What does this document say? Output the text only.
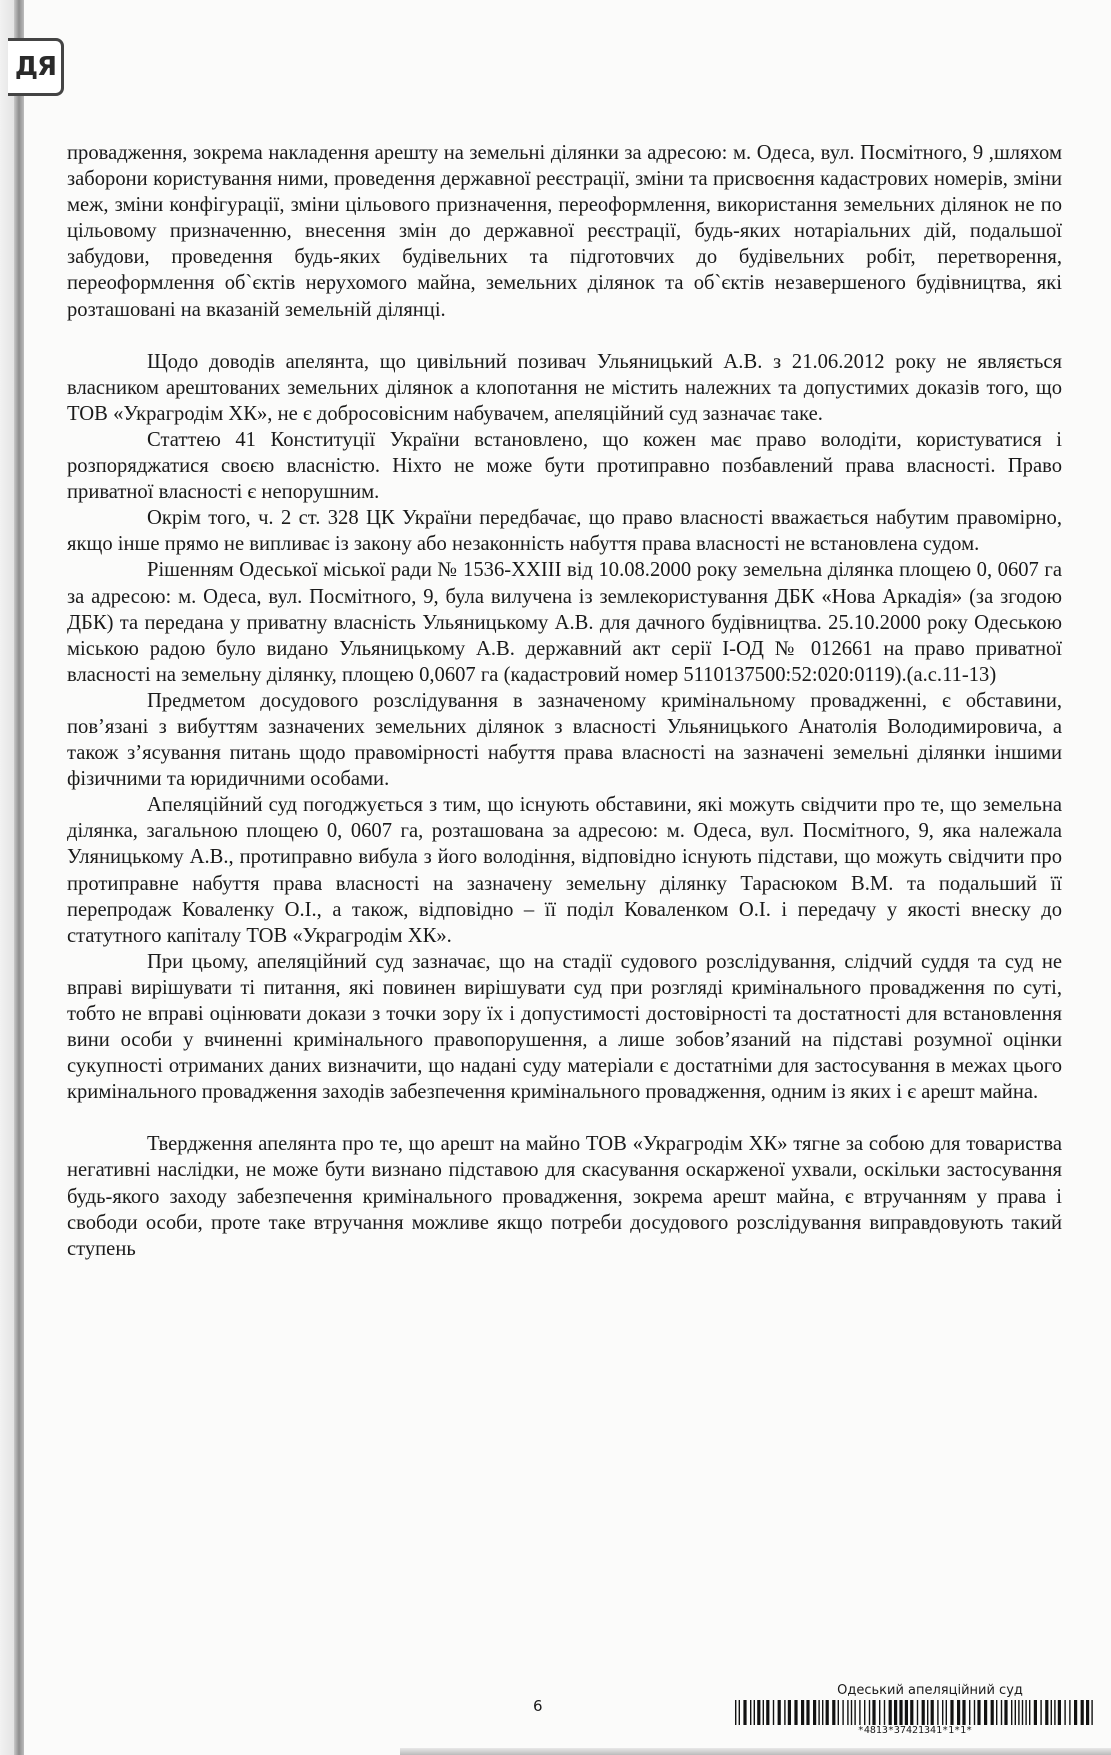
ДЯ

провадження, зокрема накладення арешту на земельні ділянки за адресою: м. Одеса, вул. Посмітного, 9 ,шляхом заборони користування ними, проведення державної реєстрації, зміни та присвоєння кадастрових номерів, зміни меж, зміни конфігурації, зміни цільового призначення, переоформлення, використання земельних ділянок не по цільовому призначенню, внесення змін до державної реєстрації, будь-яких нотаріальних дій, подальшої забудови, проведення будь-яких будівельних та підготовчих до будівельних робіт, перетворення, переоформлення об`єктів нерухомого майна, земельних ділянок та об`єктів незавершеного будівництва, які розташовані на вказаній земельній ділянці.

Щодо доводів апелянта, що цивільний позивач Ульяницький А.В. з 21.06.2012 року не являється власником арештованих земельних ділянок а клопотання не містить належних та допустимих доказів того, що ТОВ «Украгродім ХК», не є добросовісним набувачем, апеляційний суд зазначає таке.

Статтею 41 Конституції України встановлено, що кожен має право володіти, користуватися і розпоряджатися своєю власністю. Ніхто не може бути протиправно позбавлений права власності. Право приватної власності є непорушним.

Окрім того, ч. 2 ст. 328 ЦК України передбачає, що право власності вважається набутим правомірно, якщо інше прямо не випливає із закону або незаконність набуття права власності не встановлена судом.

Рішенням Одеської міської ради № 1536-XXIII від 10.08.2000 року земельна ділянка площею 0, 0607 га за адресою: м. Одеса, вул. Посмітного, 9, була вилучена із землекористування ДБК «Нова Аркадія» (за згодою ДБК) та передана у приватну власність Ульяницькому А.В. для дачного будівництва. 25.10.2000 року Одеською міською радою було видано Ульяницькому А.В. державний акт серії І-ОД № 012661 на право приватної власності на земельну ділянку, площею 0,0607 га (кадастровий номер 5110137500:52:020:0119).(а.с.11-13)

Предметом досудового розслідування в зазначеному кримінальному провадженні, є обставини, пов’язані з вибуттям зазначених земельних ділянок з власності Ульяницького Анатолія Володимировича, а також з’ясування питань щодо правомірності набуття права власності на зазначені земельні ділянки іншими фізичними та юридичними особами.

Апеляційний суд погоджується з тим, що існують обставини, які можуть свідчити про те, що земельна ділянка, загальною площею 0, 0607 га, розташована за адресою: м. Одеса, вул. Посмітного, 9, яка належала Уляницькому А.В., протиправно вибула з його володіння, відповідно існують підстави, що можуть свідчити про протиправне набуття права власності на зазначену земельну ділянку Тарасюком В.М. та подальший її перепродаж Коваленку О.І., а також, відповідно – її поділ Коваленком О.І. і передачу у якості внеску до статутного капіталу ТОВ «Украгродім ХК».

При цьому, апеляційний суд зазначає, що на стадії судового розслідування, слідчий суддя та суд не вправі вирішувати ті питання, які повинен вирішувати суд при розгляді кримінального провадження по суті, тобто не вправі оцінювати докази з точки зору їх і допустимості достовірності та достатності для встановлення вини особи у вчиненні кримінального правопорушення, а лише зобов’язаний на підставі розумної оцінки сукупності отриманих даних визначити, що надані суду матеріали є достатніми для застосування в межах цього кримінального провадження заходів забезпечення кримінального провадження, одним із яких і є арешт майна.

Твердження апелянта про те, що арешт на майно ТОВ «Украгродім ХК» тягне за собою для товариства негативні наслідки, не може бути визнано підставою для скасування оскарженої ухвали, оскільки застосування будь-якого заходу забезпечення кримінального провадження, зокрема арешт майна, є втручанням у права і свободи особи, проте таке втручання можливе якщо потреби досудового розслідування виправдовують такий ступень

6
Одеський апеляційний суд
*4813*37421341*1*1*
